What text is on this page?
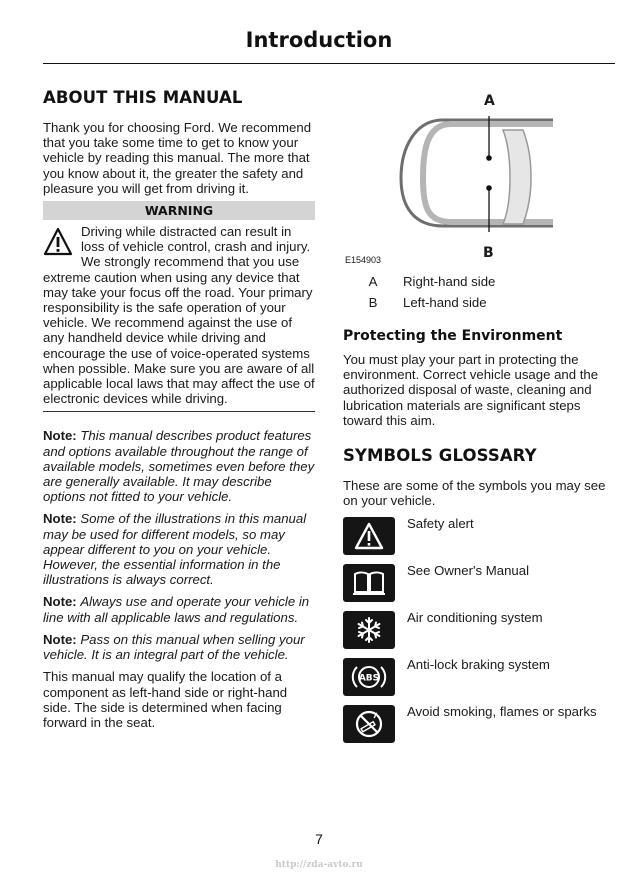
Introduction
ABOUT THIS MANUAL

Thank you for choosing Ford. We recommend that you take some time to get to know your vehicle by reading this manual. The more that you know about it, the greater the safety and pleasure you will get from driving it.

WARNING
Driving while distracted can result in loss of vehicle control, crash and injury. We strongly recommend that you use extreme caution when using any device that may take your focus off the road. Your primary responsibility is the safe operation of your vehicle. We recommend against the use of any handheld device while driving and encourage the use of voice-operated systems when possible. Make sure you are aware of all applicable local laws that may affect the use of electronic devices while driving.
Note: This manual describes product features and options available throughout the range of available models, sometimes even before they are generally available. It may describe options not fitted to your vehicle.
Note: Some of the illustrations in this manual may be used for different models, so may appear different to you on your vehicle. However, the essential information in the illustrations is always correct.
Note: Always use and operate your vehicle in line with all applicable laws and regulations.
Note: Pass on this manual when selling your vehicle. It is an integral part of the vehicle.

This manual may qualify the location of a component as left-hand side or right-hand side. The side is determined when facing forward in the seat.

A
B
E154903
A	Right-hand side
B	Left-hand side
Protecting the Environment

You must play your part in protecting the environment. Correct vehicle usage and the authorized disposal of waste, cleaning and lubrication materials are significant steps toward this aim.

SYMBOLS GLOSSARY

These are some of the symbols you may see on your vehicle.

Safety alert
See Owner's Manual
Air conditioning system
ABS
Anti-lock braking system
Avoid smoking, flames or sparks
7
http://zda-avto.ru
